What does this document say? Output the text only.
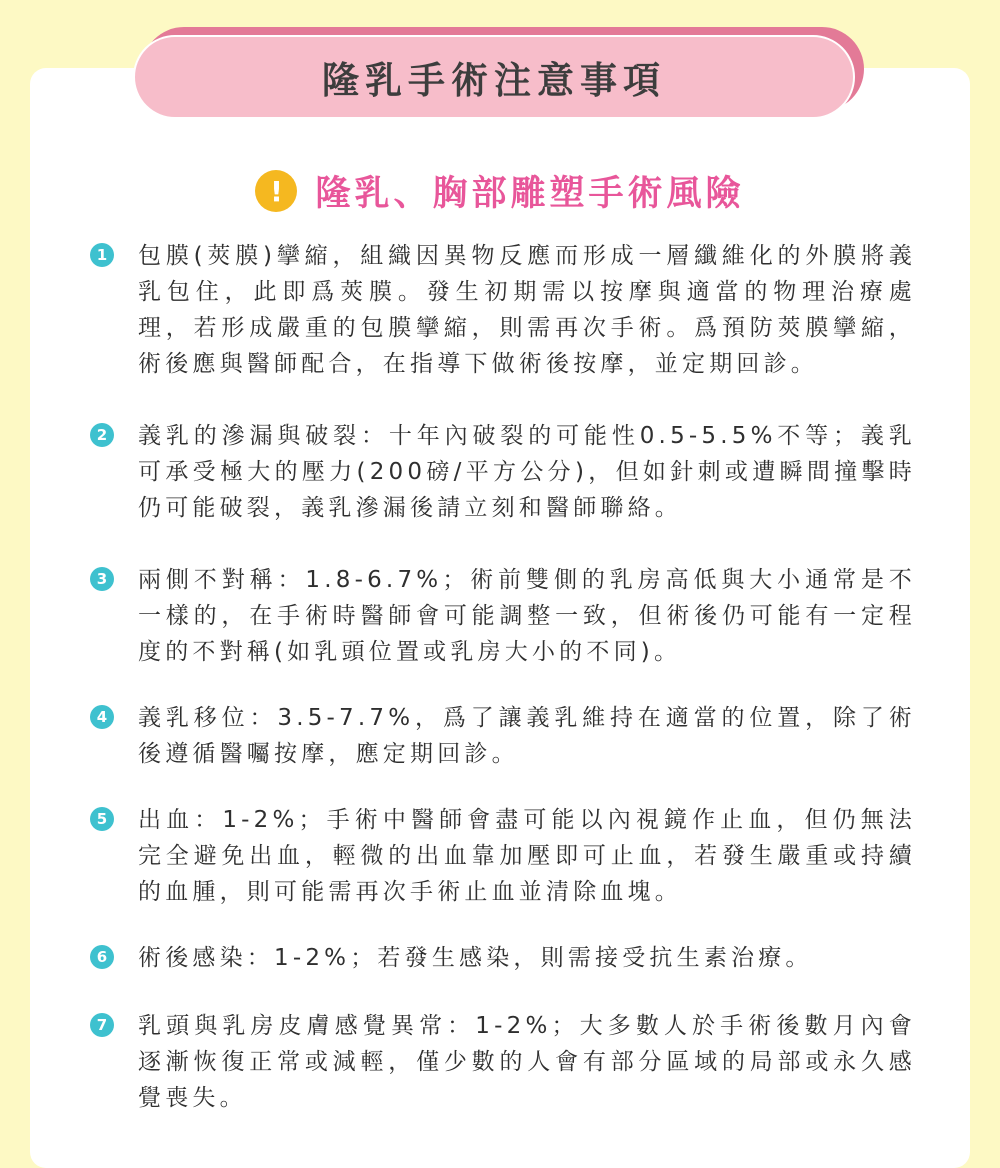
隆乳手術注意事項
! 隆乳、胸部雕塑手術風險
1 包膜(莢膜)攣縮，組織因異物反應而形成一層纖維化的外膜將義乳包住，此即爲莢膜。發生初期需以按摩與適當的物理治療處理，若形成嚴重的包膜攣縮，則需再次手術。爲預防莢膜攣縮，術後應與醫師配合，在指導下做術後按摩，並定期回診。

2 義乳的滲漏與破裂：十年內破裂的可能性0.5-5.5%不等；義乳可承受極大的壓力(200磅/平方公分)，但如針刺或遭瞬間撞擊時仍可能破裂，義乳滲漏後請立刻和醫師聯絡。

3 兩側不對稱：1.8-6.7%；術前雙側的乳房高低與大小通常是不一樣的，在手術時醫師會可能調整一致，但術後仍可能有一定程度的不對稱(如乳頭位置或乳房大小的不同)。

4 義乳移位：3.5-7.7%，爲了讓義乳維持在適當的位置，除了術後遵循醫囑按摩，應定期回診。

5 出血：1-2%；手術中醫師會盡可能以內視鏡作止血，但仍無法完全避免出血，輕微的出血靠加壓即可止血，若發生嚴重或持續的血腫，則可能需再次手術止血並清除血塊。

6 術後感染：1-2%；若發生感染，則需接受抗生素治療。

7 乳頭與乳房皮膚感覺異常：1-2%；大多數人於手術後數月內會逐漸恢復正常或減輕，僅少數的人會有部分區域的局部或永久感覺喪失。
